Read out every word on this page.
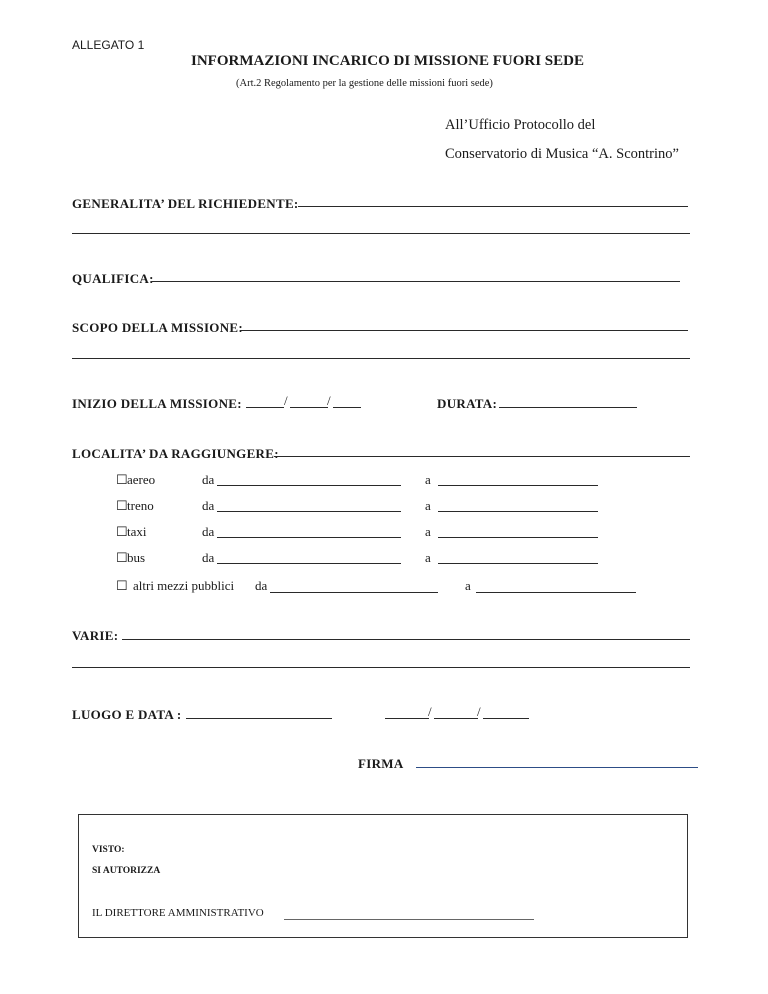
ALLEGATO 1
INFORMAZIONI INCARICO DI MISSIONE FUORI SEDE
(Art.2 Regolamento per la gestione delle missioni fuori sede)
All’Ufficio Protocollo del
Conservatorio di Musica “A. Scontrino”
GENERALITA’ DEL RICHIEDENTE:
QUALIFICA:
SCOPO DELLA MISSIONE:
INIZIO DELLA MISSIONE:	/	/	DURATA:
LOCALITA’ DA RAGGIUNGERE:
☐ aereo	da	a
☐ treno	da	a
☐ taxi	da	a
☐ bus	da	a
☐ altri mezzi pubblici da	a
VARIE:
LUOGO E DATA :	/	/
FIRMA
VISTO:
SI AUTORIZZA
IL DIRETTORE AMMINISTRATIVO
